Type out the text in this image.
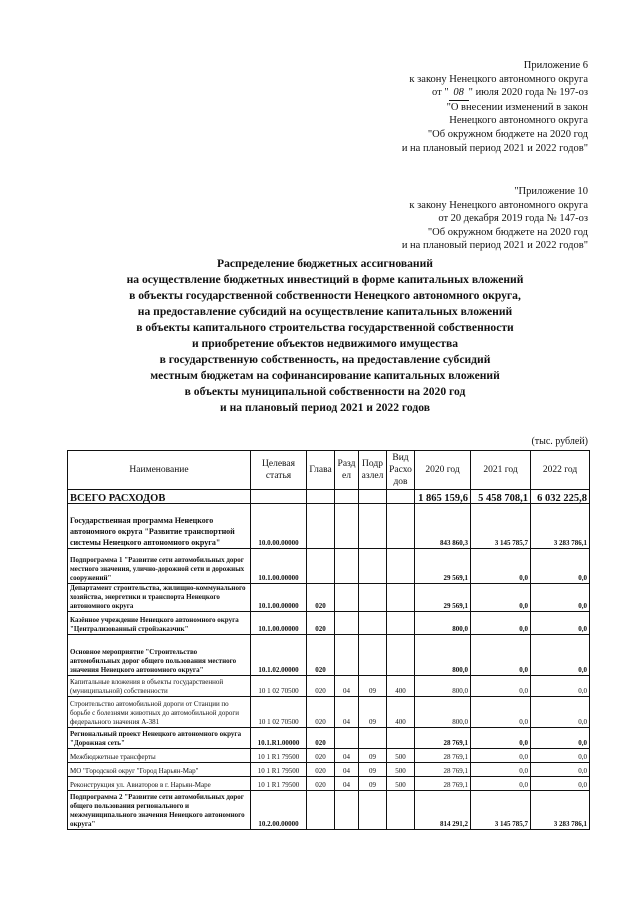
Приложение 6
к закону Ненецкого автономного округа
от " 08 " июля 2020 года № 197-оз
"О внесении изменений в закон
Ненецкого автономного округа
"Об окружном бюджете на 2020 год
и на плановый период 2021 и 2022 годов"
"Приложение 10
к закону Ненецкого автономного округа
от 20 декабря 2019 года № 147-оз
"Об окружном бюджете на 2020 год
и на плановый период 2021 и 2022 годов"
Распределение бюджетных ассигнований
на осуществление бюджетных инвестиций в форме капитальных вложений
в объекты государственной собственности Ненецкого автономного округа,
на предоставление субсидий на осуществление капитальных вложений
в объекты капитального строительства государственной собственности
и приобретение объектов недвижимого имущества
в государственную собственность, на предоставление субсидий
местным бюджетам на софинансирование капитальных вложений
в объекты муниципальной собственности на 2020 год
и на плановый период 2021 и 2022 годов
(тыс. рублей)
Наименование	Целевая статья	Глава	Разд ел	Подр азлел	Вид Расхо дов	2020 год	2021 год	2022 год
ВСЕГО РАСХОДОВ						1 865 159,6	5 458 708,1	6 032 225,8
Государственная программа Ненецкого автономного округа "Развитие транспортной системы Ненецкого автономного округа"	10.0.00.00000					843 860,3	3 145 785,7	3 283 786,1
Подпрограмма 1 "Развитие сети автомобильных дорог местного значения, улично-дорожной сети и дорожных сооружений"	10.1.00.00000					29 569,1	0,0	0,0
Департамент строительства, жилищно-коммунального хозяйства, энергетики и транспорта Ненецкого автономного округа	10.1.00.00000	020				29 569,1	0,0	0,0
Казённое учреждение Ненецкого автономного округа "Централизованный стройзаказчик"	10.1.00.00000	020				800,0	0,0	0,0
Основное мероприятие "Строительство автомобильных дорог общего пользования местного значения Ненецкого автономного округа"	10.1.02.00000	020				800,0	0,0	0,0
Капитальные вложения в объекты государственной (муниципальной) собственности	10 1 02 70500	020	04	09	400	800,0	0,0	0,0
Строительство автомобильной дороги от Станции по борьбе с болезнями животных до автомобильной дороги федерального значения А-381	10 1 02 70500	020	04	09	400	800,0	0,0	0,0
Региональный проект Ненецкого автономного округа "Дорожная сеть"	10.1.R1.00000	020				28 769,1	0,0	0,0
Межбюджетные трансферты	10 1 R1 79500	020	04	09	500	28 769,1	0,0	0,0
МО "Городской округ "Город Нарьян-Мар"	10 1 R1 79500	020	04	09	500	28 769,1	0,0	0,0
Реконструкция ул. Авиаторов в г. Нарьян-Маре	10 1 R1 79500	020	04	09	500	28 769,1	0,0	0,0
Подпрограмма 2 "Развитие сети автомобильных дорог общего пользования регионального и межмуниципального значения Ненецкого автономного округа"	10.2.00.00000					814 291,2	3 145 785,7	3 283 786,1
